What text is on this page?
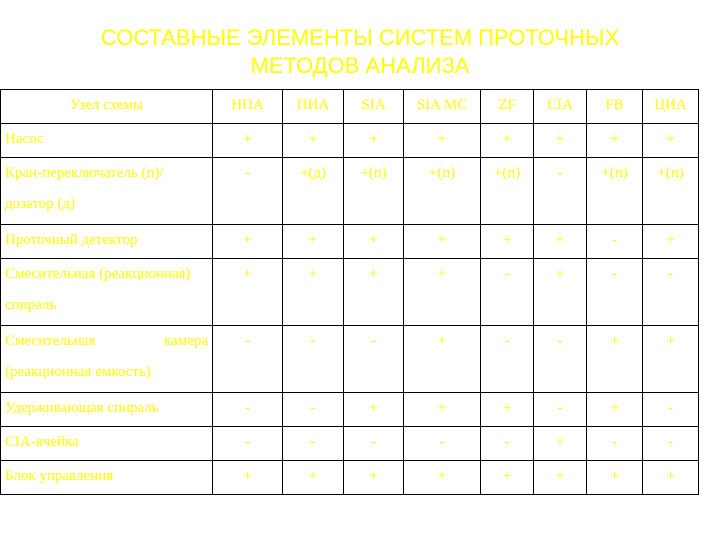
СОСТАВНЫЕ ЭЛЕМЕНТЫ СИСТЕМ ПРОТОЧНЫХ
МЕТОДОВ АНАЛИЗА
Узел схемы	НПА	ПИА	SIA	SIA MC	ZF	CIA	FB	ЦИА
Насос	+	+	+	+	+	+	+	+
Кран-переключатель (п)/дозатор (д)	-	+(д)	+(п)	+(п)	+(п)	-	+(п)	+(п)
Проточный детектор	+	+	+	+	+	+	-	+
Смесительная (реакционная) спираль	+	+	+	+	-	+	-	-
Смесительная камера (реакционная емкость)	-	-	-	+	-	-	+	+
Удерживающая спираль	-	-	+	+	+	-	+	-
CIA-ячейка	-	-	-	-	-	+	-	-
Блок управления	+	+	+	+	+	+	+	+
